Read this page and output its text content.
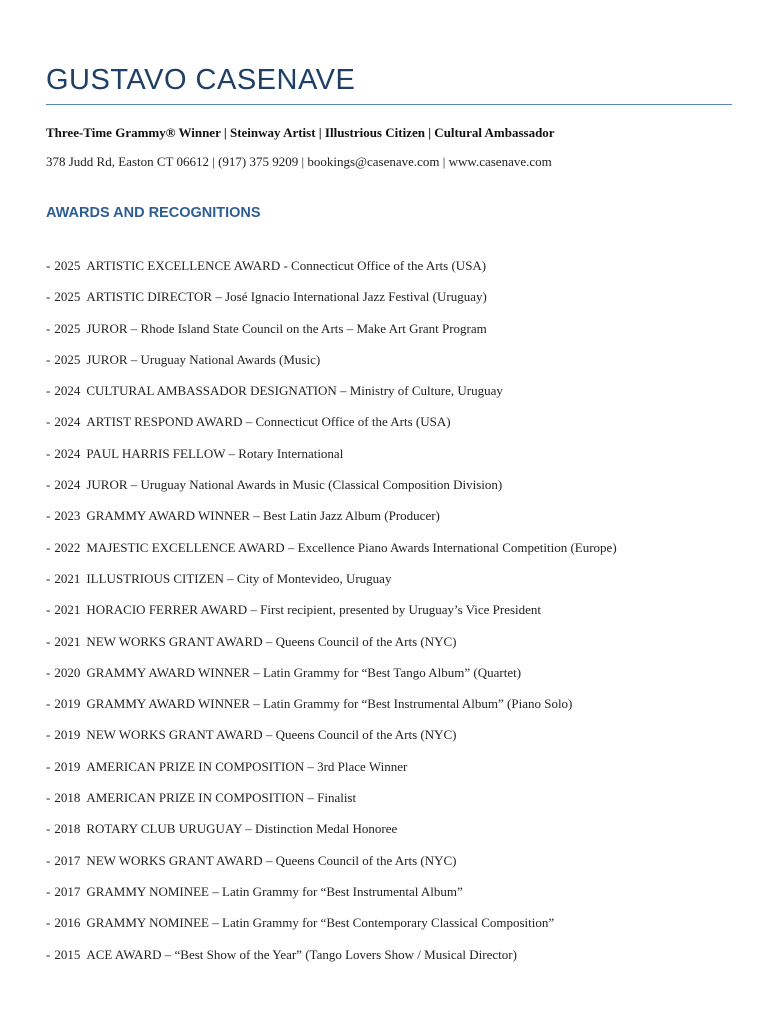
GUSTAVO CASENAVE
Three-Time Grammy® Winner | Steinway Artist | Illustrious Citizen | Cultural Ambassador
378 Judd Rd, Easton CT 06612 | (917) 375 9209 | bookings@casenave.com | www.casenave.com
AWARDS AND RECOGNITIONS
- 2025 ARTISTIC EXCELLENCE AWARD - Connecticut Office of the Arts (USA)
- 2025 ARTISTIC DIRECTOR – José Ignacio International Jazz Festival (Uruguay)
- 2025 JUROR – Rhode Island State Council on the Arts – Make Art Grant Program
- 2025 JUROR – Uruguay National Awards (Music)
- 2024 CULTURAL AMBASSADOR DESIGNATION – Ministry of Culture, Uruguay
- 2024 ARTIST RESPOND AWARD – Connecticut Office of the Arts (USA)
- 2024 PAUL HARRIS FELLOW – Rotary International
- 2024 JUROR – Uruguay National Awards in Music (Classical Composition Division)
- 2023 GRAMMY AWARD WINNER – Best Latin Jazz Album (Producer)
- 2022 MAJESTIC EXCELLENCE AWARD – Excellence Piano Awards International Competition (Europe)
- 2021 ILLUSTRIOUS CITIZEN – City of Montevideo, Uruguay
- 2021 HORACIO FERRER AWARD – First recipient, presented by Uruguay’s Vice President
- 2021 NEW WORKS GRANT AWARD – Queens Council of the Arts (NYC)
- 2020 GRAMMY AWARD WINNER – Latin Grammy for “Best Tango Album” (Quartet)
- 2019 GRAMMY AWARD WINNER – Latin Grammy for “Best Instrumental Album” (Piano Solo)
- 2019 NEW WORKS GRANT AWARD – Queens Council of the Arts (NYC)
- 2019 AMERICAN PRIZE IN COMPOSITION – 3rd Place Winner
- 2018 AMERICAN PRIZE IN COMPOSITION – Finalist
- 2018 ROTARY CLUB URUGUAY – Distinction Medal Honoree
- 2017 NEW WORKS GRANT AWARD – Queens Council of the Arts (NYC)
- 2017 GRAMMY NOMINEE – Latin Grammy for “Best Instrumental Album”
- 2016 GRAMMY NOMINEE – Latin Grammy for “Best Contemporary Classical Composition”
- 2015 ACE AWARD – “Best Show of the Year” (Tango Lovers Show / Musical Director)
